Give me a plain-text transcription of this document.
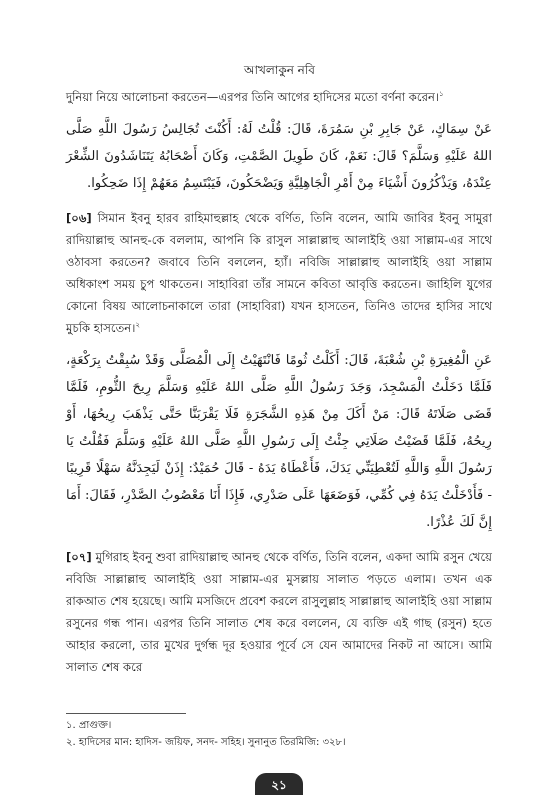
আখলাকুন নবি

দুনিয়া নিয়ে আলোচনা করতেন—এরপর তিনি আগের হাদিসের মতো বর্ণনা করেন।$^১$

عَنْ سِمَاكٍ، عَنْ جَابِرِ بْنِ سَمُرَةَ، قَالَ: قُلْتُ لَهُ: أَكُنْتَ تُجَالِسُ رَسُولَ اللَّهِ صَلَّى اللهُ عَلَيْهِ وَسَلَّمَ؟ قَالَ: نَعَمْ، كَانَ طَوِيلَ الصَّمْتِ، وَكَانَ أَصْحَابُهُ يَتَنَاشَدُونَ الشِّعْرَ عِنْدَهُ، وَيَذْكُرُونَ أَشْيَاءَ مِنْ أَمْرِ الْجَاهِلِيَّةِ وَيَضْحَكُونَ، فَيَبْتَسِمُ مَعَهُمْ إِذَا ضَحِكُوا.

[০৬] সিমান ইবনু হারব রাহিমাহুল্লাহ থেকে বর্ণিত, তিনি বলেন, আমি জাবির ইবনু সামুরা রাদিয়াল্লাহু আনহু-কে বললাম, আপনি কি রাসুল সাল্লাল্লাহু আলাইহি ওয়া সাল্লাম-এর সাথে ওঠাবসা করতেন? জবাবে তিনি বললেন, হ্যাঁ। নবিজি সাল্লাল্লাহু আলাইহি ওয়া সাল্লাম অধিকাংশ সময় চুপ থাকতেন। সাহাবিরা তাঁর সামনে কবিতা আবৃত্তি করতেন। জাহিলি যুগের কোনো বিষয় আলোচনাকালে তারা (সাহাবিরা) যখন হাসতেন, তিনিও তাদের হাসির সাথে মুচকি হাসতেন।$^২$

عَنِ الْمُغِيرَةِ بْنِ شُعْبَةَ، قَالَ: أَكَلْتُ ثُومًا فَانْتَهَيْتُ إِلَى الْمُصَلَّى وَقَدْ سُبِقْتُ بِرَكْعَةٍ، فَلَمَّا دَخَلْتُ الْمَسْجِدَ، وَجَدَ رَسُولُ اللَّهِ صَلَّى اللهُ عَلَيْهِ وَسَلَّمَ رِيحَ الثُّومِ، فَلَمَّا قَضَى صَلَاتَهُ قَالَ: مَنْ أَكَلَ مِنْ هَذِهِ الشَّجَرَةِ فَلَا يَقْرَبَنَّا حَتَّى يَذْهَبَ رِيحُهَا، أَوْ رِيحُهُ، فَلَمَّا قَضَيْتُ صَلَاتِي جِئْتُ إِلَى رَسُولِ اللَّهِ صَلَّى اللهُ عَلَيْهِ وَسَلَّمَ فَقُلْتُ يَا رَسُولَ اللَّهِ وَاللَّهِ لَتُعْطِيَنِّي يَدَكَ، فَأَعْطَاهُ يَدَهُ - قَالَ حُمَيْدٌ: إِذَنْ لَيَجِدَنَّهُ سَهْلًا قَرِيبًا - فَأَدْخَلْتُ يَدَهُ فِي كُمِّي، فَوَضَعَهَا عَلَى صَدْرِي، فَإِذَا أَنَا مَعْصُوبُ الصَّدْرِ، فَقَالَ: أَمَا إِنَّ لَكَ عُذْرًا.

[০৭] মুগিরাহ ইবনু শুবা রাদিয়াল্লাহু আনহু থেকে বর্ণিত, তিনি বলেন, একদা আমি রসুন খেয়ে নবিজি সাল্লাল্লাহু আলাইহি ওয়া সাল্লাম-এর মুসল্লায় সালাত পড়তে এলাম। তখন এক রাকআত শেষ হয়েছে। আমি মসজিদে প্রবেশ করলে রাসুলুল্লাহ সাল্লাল্লাহু আলাইহি ওয়া সাল্লাম রসুনের গন্ধ পান। এরপর তিনি সালাত শেষ করে বললেন, যে ব্যক্তি এই গাছ (রসুন) হতে আহার করলো, তার মুখের দুর্গন্ধ দূর হওয়ার পূর্বে সে যেন আমাদের নিকট না আসে। আমি সালাত শেষ করে

১. প্রাগুক্ত।
২. হাদিসের মান: হাদিস- জয়িফ, সনদ- সহিহ। সুনানুত তিরমিজি: ৩২৮।
২১
